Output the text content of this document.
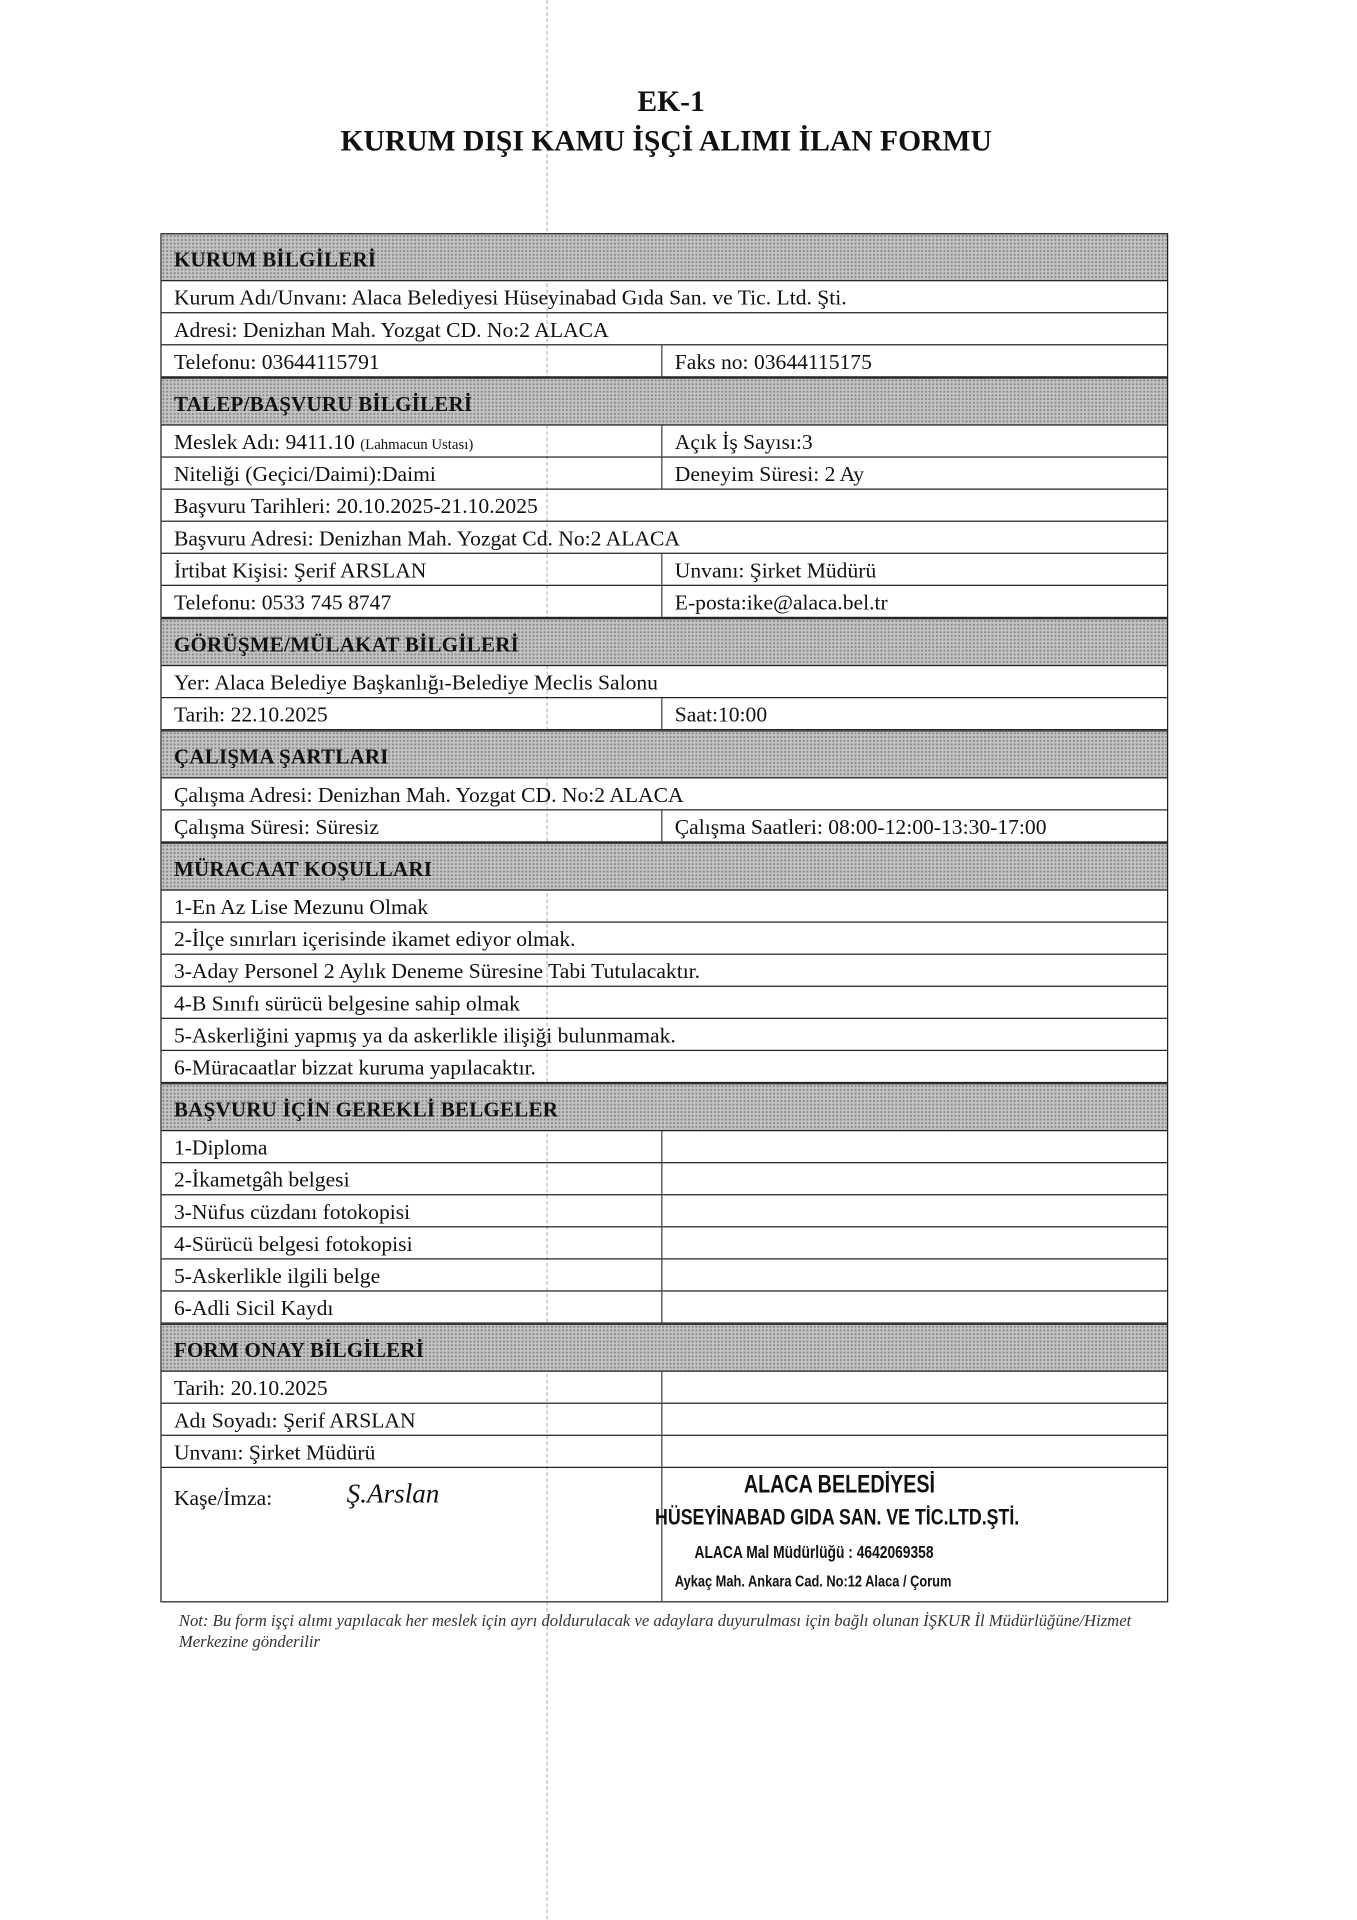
EK-1
KURUM DIŞI KAMU İŞÇİ ALIMI İLAN FORMU
KURUM BİLGİLERİ
Kurum Adı/Unvanı: Alaca Belediyesi Hüseyinabad Gıda San. ve Tic. Ltd. Şti.
Adresi: Denizhan Mah. Yozgat CD. No:2 ALACA
Telefonu: 03644115791	Faks no: 03644115175
TALEP/BAŞVURU BİLGİLERİ
Meslek Adı: 9411.10 (Lahmacun Ustası)	Açık İş Sayısı:3
Niteliği (Geçici/Daimi):Daimi	Deneyim Süresi: 2 Ay
Başvuru Tarihleri: 20.10.2025-21.10.2025
Başvuru Adresi: Denizhan Mah. Yozgat Cd. No:2 ALACA
İrtibat Kişisi: Şerif ARSLAN	Unvanı: Şirket Müdürü
Telefonu: 0533 745 8747	E-posta:ike@alaca.bel.tr
GÖRÜŞME/MÜLAKAT BİLGİLERİ
Yer: Alaca Belediye Başkanlığı-Belediye Meclis Salonu
Tarih: 22.10.2025	Saat:10:00
ÇALIŞMA ŞARTLARI
Çalışma Adresi: Denizhan Mah. Yozgat CD. No:2 ALACA
Çalışma Süresi: Süresiz	Çalışma Saatleri: 08:00-12:00-13:30-17:00
MÜRACAAT KOŞULLARI
1-En Az Lise Mezunu Olmak
2-İlçe sınırları içerisinde ikamet ediyor olmak.
3-Aday Personel 2 Aylık Deneme Süresine Tabi Tutulacaktır.
4-B Sınıfı sürücü belgesine sahip olmak
5-Askerliğini yapmış ya da askerlikle ilişiği bulunmamak.
6-Müracaatlar bizzat kuruma yapılacaktır.
BAŞVURU İÇİN GEREKLİ BELGELER
1-Diploma
2-İkametgâh belgesi
3-Nüfus cüzdanı fotokopisi
4-Sürücü belgesi fotokopisi
5-Askerlikle ilgili belge
6-Adli Sicil Kaydı
FORM ONAY BİLGİLERİ
Tarih: 20.10.2025
Adı Soyadı: Şerif ARSLAN
Unvanı: Şirket Müdürü
Kaşe/İmza:	Ş.Arslan	ALACA BELEDİYESİ
HÜSEYİNABAD GIDA SAN. VE TİC.LTD.ŞTİ.
ALACA Mal Müdürlüğü : 4642069358
Aykaç Mah. Ankara Cad. No:12 Alaca / Çorum
Not: Bu form işçi alımı yapılacak her meslek için ayrı doldurulacak ve adaylara duyurulması için bağlı olunan İŞKUR İl Müdürlüğüne/Hizmet Merkezine gönderilir
